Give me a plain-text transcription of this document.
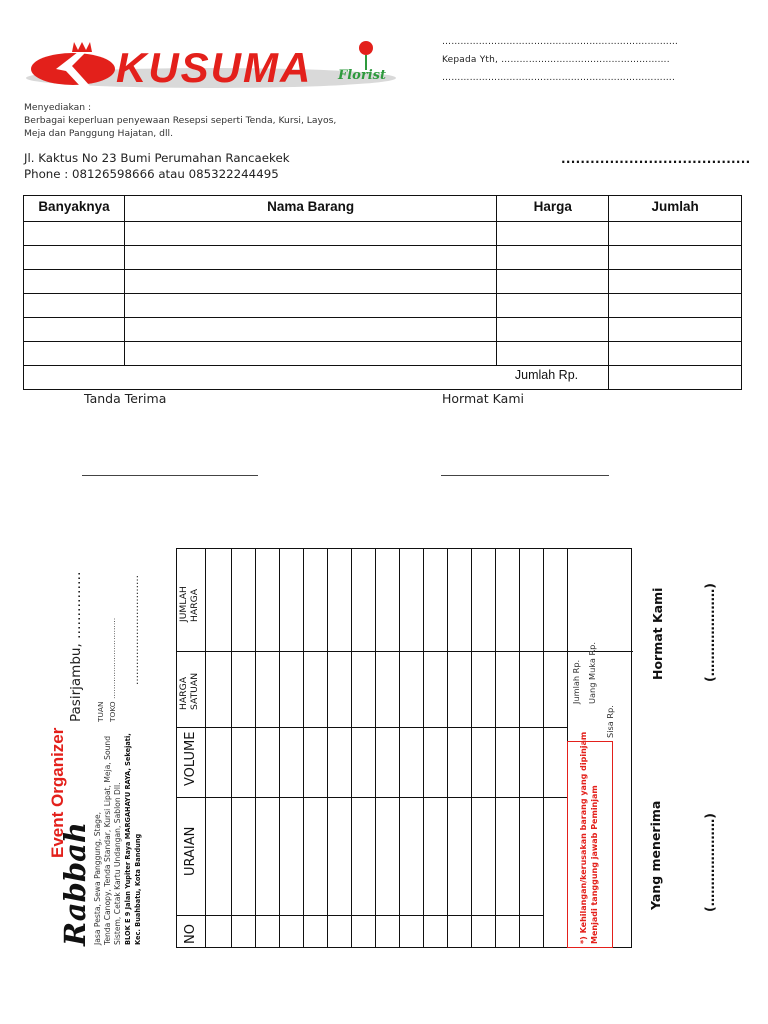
KUSUMA Florist
………………………………………………………….….……
Kepada Yth, ……………………………………………….
………………………………………………………………….
Menyediakan :
Berbagai keperluan penyewaan Resepsi seperti Tenda, Kursi, Layos,
Meja dan Panggung Hajatan, dll.
Jl. Kaktus No 23 Bumi Perumahan Rancaekek
Phone : 08126598666 atau 085322244495
.......................................
Banyaknya	Nama Barang	Harga	Jumlah

Jumlah Rp.			
Tanda Terima	Hormat Kami
Rabbah
Event Organizer
Jasa Pesta, Sewa Panggung, Stage, Tenda Canopy, Tenda Standar, Kursi Lipat, Meja, Sound Sistem, Cetak Kartu Undangan, Sablon Dll. BLOK E 9 Jalan Yupiter Raya MARGAHAYU RAYA, Sekejati, Kec. Buahbatu, Kota Bandung
Pasirjambu, …………… TUAN TOKO …………………………… ……………………………
NO
URAIAN
VOLUME
HARGA SATUAN
JUMLAH HARGA
Jumlah Rp. Uang Muka Rp.
Sisa Rp.
*) Kehilangan/kerusakan barang yang dipinjam Menjadi tanggung jawab Peminjam	Yang menerima	(…………………)
Hormat Kami	(…………………)
